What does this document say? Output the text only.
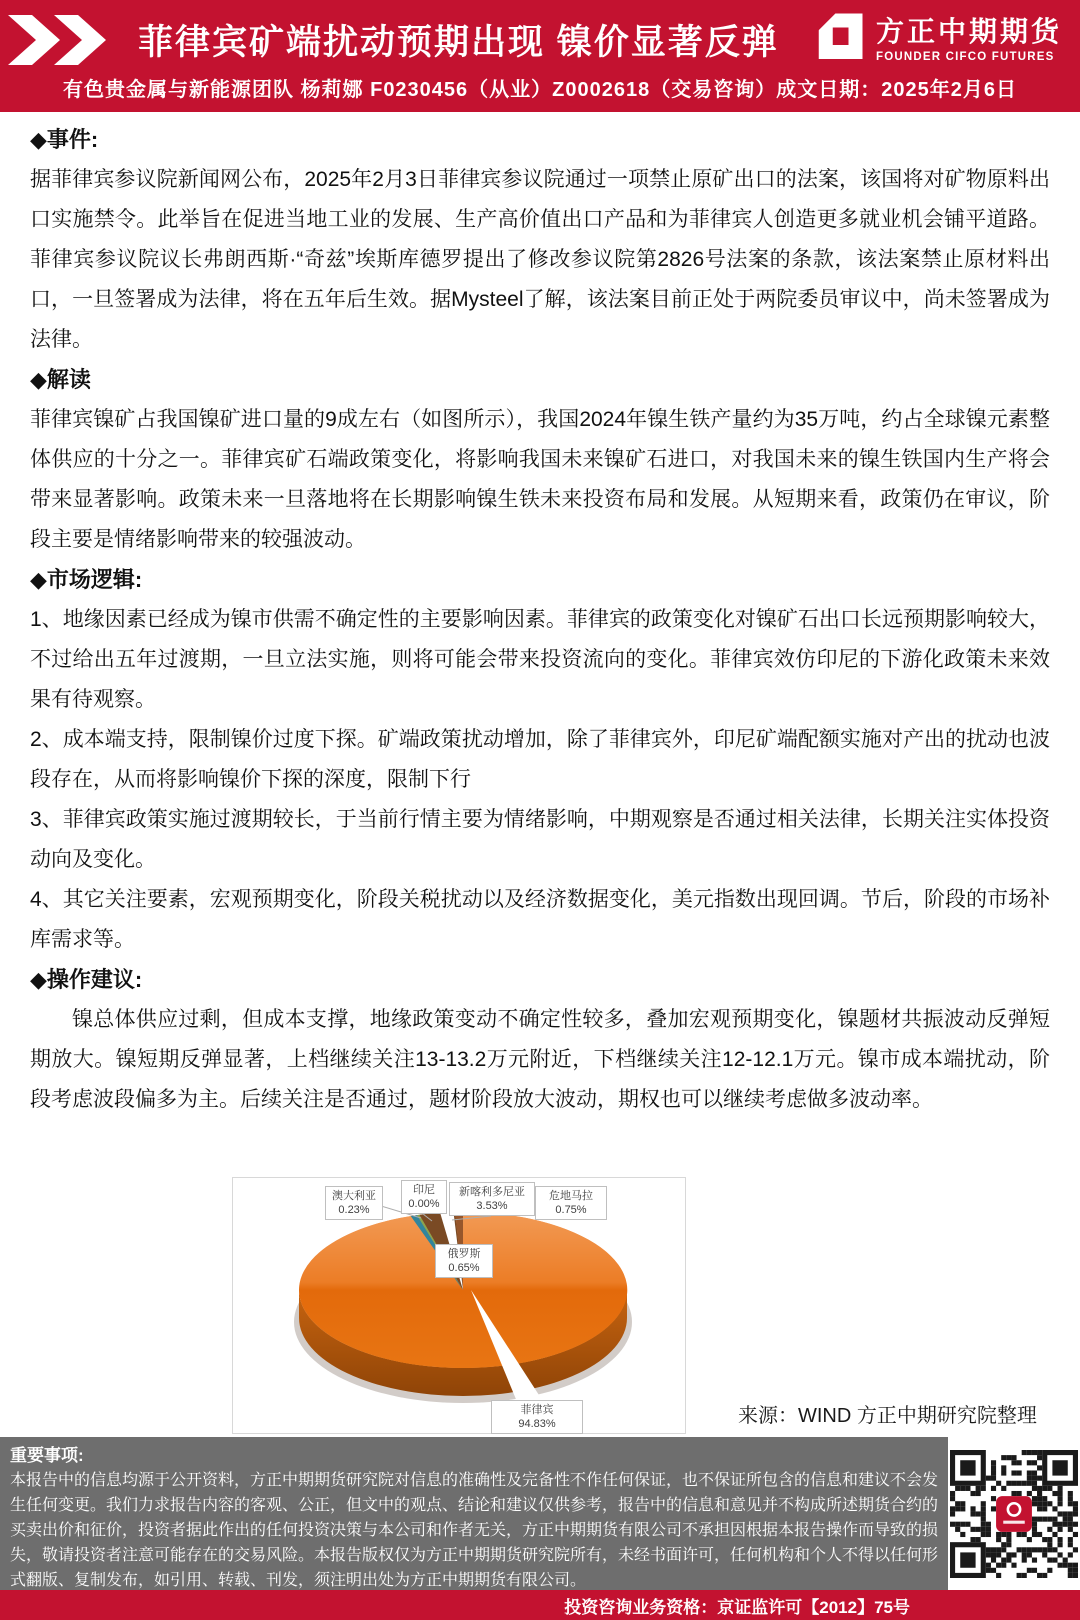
菲律宾矿端扰动预期出现 镍价显著反弹	方正中期期货
FOUNDER CIFCO FUTURES
有色贵金属与新能源团队 杨莉娜 F0230456（从业）Z0002618（交易咨询）成文日期：2025年2月6日
◆事件:

据菲律宾参议院新闻网公布，2025年2月3日菲律宾参议院通过一项禁止原矿出口的法案，该国将对矿物原料出口实施禁令。此举旨在促进当地工业的发展、生产高价值出口产品和为菲律宾人创造更多就业机会铺平道路。菲律宾参议院议长弗朗西斯·“奇兹”埃斯库德罗提出了修改参议院第2826号法案的条款，该法案禁止原材料出口，一旦签署成为法律，将在五年后生效。据Mysteel了解，该法案目前正处于两院委员审议中，尚未签署成为法律。

◆解读

菲律宾镍矿占我国镍矿进口量的9成左右（如图所示），我国2024年镍生铁产量约为35万吨，约占全球镍元素整体供应的十分之一。菲律宾矿石端政策变化，将影响我国未来镍矿石进口，对我国未来的镍生铁国内生产将会带来显著影响。政策未来一旦落地将在长期影响镍生铁未来投资布局和发展。从短期来看，政策仍在审议，阶段主要是情绪影响带来的较强波动。

◆市场逻辑:

1、地缘因素已经成为镍市供需不确定性的主要影响因素。菲律宾的政策变化对镍矿石出口长远预期影响较大，不过给出五年过渡期，一旦立法实施，则将可能会带来投资流向的变化。菲律宾效仿印尼的下游化政策未来效果有待观察。

2、成本端支持，限制镍价过度下探。矿端政策扰动增加，除了菲律宾外，印尼矿端配额实施对产出的扰动也波段存在，从而将影响镍价下探的深度，限制下行

3、菲律宾政策实施过渡期较长，于当前行情主要为情绪影响，中期观察是否通过相关法律，长期关注实体投资动向及变化。

4、其它关注要素，宏观预期变化，阶段关税扰动以及经济数据变化，美元指数出现回调。节后，阶段的市场补库需求等。

◆操作建议:

镍总体供应过剩，但成本支撑，地缘政策变动不确定性较多，叠加宏观预期变化，镍题材共振波动反弹短期放大。镍短期反弹显著，上档继续关注13-13.2万元附近，下档继续关注12-12.1万元。镍市成本端扰动，阶段考虑波段偏多为主。后续关注是否通过，题材阶段放大波动，期权也可以继续考虑做多波动率。

澳大利亚
0.23%
印尼
0.00%
新喀利多尼亚
3.53%
危地马拉
0.75%
俄罗斯
0.65%
菲律宾
94.83%	来源：WIND 方正中期研究院整理
重要事项:
本报告中的信息均源于公开资料，方正中期期货研究院对信息的准确性及完备性不作任何保证，也不保证所包含的信息和建议不会发生任何变更。我们力求报告内容的客观、公正，但文中的观点、结论和建议仅供参考，报告中的信息和意见并不构成所述期货合约的买卖出价和征价，投资者据此作出的任何投资决策与本公司和作者无关，方正中期期货有限公司不承担因根据本报告操作而导致的损失，敬请投资者注意可能存在的交易风险。本报告版权仅为方正中期期货研究院所有，未经书面许可，任何机构和个人不得以任何形式翻版、复制发布，如引用、转载、刊发，须注明出处为方正中期期货有限公司。
投资咨询业务资格：京证监许可【2012】75号
